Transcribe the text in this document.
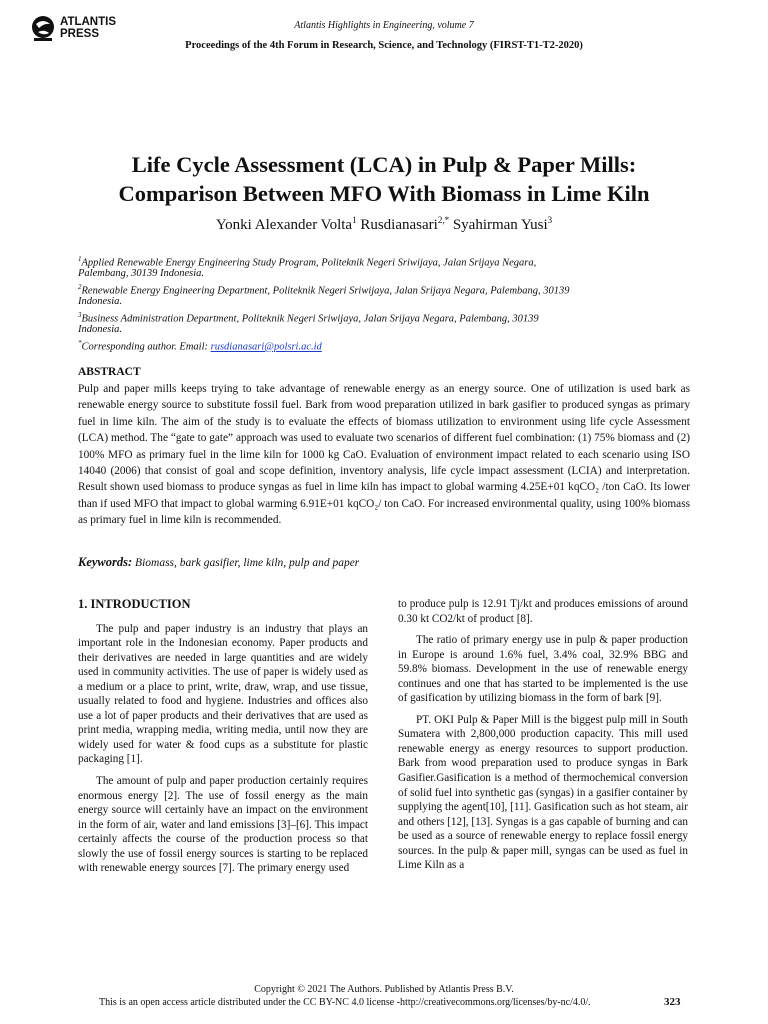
ATLANTIS
PRESS
Atlantis Highlights in Engineering, volume 7
Proceedings of the 4th Forum in Research, Science, and Technology (FIRST-T1-T2-2020)
Life Cycle Assessment (LCA) in Pulp & Paper Mills:
Comparison Between MFO With Biomass in Lime Kiln
Yonki Alexander Volta$^1$ Rusdianasari$^{2,*}$ Syahirman Yusi$^3$
$^1$Applied Renewable Energy Engineering Study Program, Politeknik Negeri Sriwijaya, Jalan Srijaya Negara,
Palembang, 30139 Indonesia.
$^2$Renewable Energy Engineering Department, Politeknik Negeri Sriwijaya, Jalan Srijaya Negara, Palembang, 30139
Indonesia.
$^3$Business Administration Department, Politeknik Negeri Sriwijaya, Jalan Srijaya Negara, Palembang, 30139
Indonesia.
*Corresponding author. Email: rusdianasari@polsri.ac.id
ABSTRACT

Pulp and paper mills keeps trying to take advantage of renewable energy as an energy source. One of utilization is used bark as renewable energy source to substitute fossil fuel. Bark from wood preparation utilized in bark gasifier to produced syngas as primary fuel in lime kiln. The aim of the study is to evaluate the effects of biomass utilization to environment using life cycle Assessment (LCA) method. The “gate to gate” approach was used to evaluate two scenarios of different fuel combination: (1) 75% biomass and (2) 100% MFO as primary fuel in the lime kiln for 1000 kg CaO. Evaluation of environment impact related to each scenario using ISO 14040 (2006) that consist of goal and scope definition, inventory analysis, life cycle impact assessment (LCIA) and interpretation. Result shown used biomass to produce syngas as fuel in lime kiln has impact to global warming 4.25E+01 kqCO₂ /ton CaO. Its lower than if used MFO that impact to global warming 6.91E+01 kqCO₂/ ton CaO. For increased environmental quality, using 100% biomass as primary fuel in lime kiln is recommended.

Keywords: Biomass, bark gasifier, lime kiln, pulp and paper
1. INTRODUCTION

The pulp and paper industry is an industry that plays an important role in the Indonesian economy. Paper products and their derivatives are needed in large quantities and are widely used in community activities. The use of paper is widely used as a medium or a place to print, write, draw, wrap, and use tissue, usually related to food and hygiene. Industries and offices also use a lot of paper products and their derivatives that are used as print media, wrapping media, writing media, until now they are widely used for water & food cups as a substitute for plastic packaging [1].

The amount of pulp and paper production certainly requires enormous energy [2]. The use of fossil energy as the main energy source will certainly have an impact on the environment in the form of air, water and land emissions [3]–[6]. This impact certainly affects the course of the production process so that slowly the use of fossil energy sources is starting to be replaced with renewable energy sources [7]. The primary energy used

to produce pulp is 12.91 Tj/kt and produces emissions of around 0.30 kt CO2/kt of product [8].

The ratio of primary energy use in pulp & paper production in Europe is around 1.6% fuel, 3.4% coal, 32.9% BBG and 59.8% biomass. Development in the use of renewable energy continues and one that has started to be implemented is the use of gasification by utilizing biomass in the form of bark [9].

PT. OKI Pulp & Paper Mill is the biggest pulp mill in South Sumatera with 2,800,000 production capacity. This mill used renewable energy as energy resources to support production. Bark from wood preparation used to produce syngas in Bark Gasifier.Gasification is a method of thermochemical conversion of solid fuel into synthetic gas (syngas) in a gasifier container by supplying the agent[10], [11]. Gasification such as hot steam, air and others [12], [13]. Syngas is a gas capable of burning and can be used as a source of renewable energy to replace fossil energy sources. In the pulp & paper mill, syngas can be used as fuel in Lime Kiln as a

Copyright © 2021 The Authors. Published by Atlantis Press B.V.
This is an open access article distributed under the CC BY-NC 4.0 license -http://creativecommons.org/licenses/by-nc/4.0/.	323
